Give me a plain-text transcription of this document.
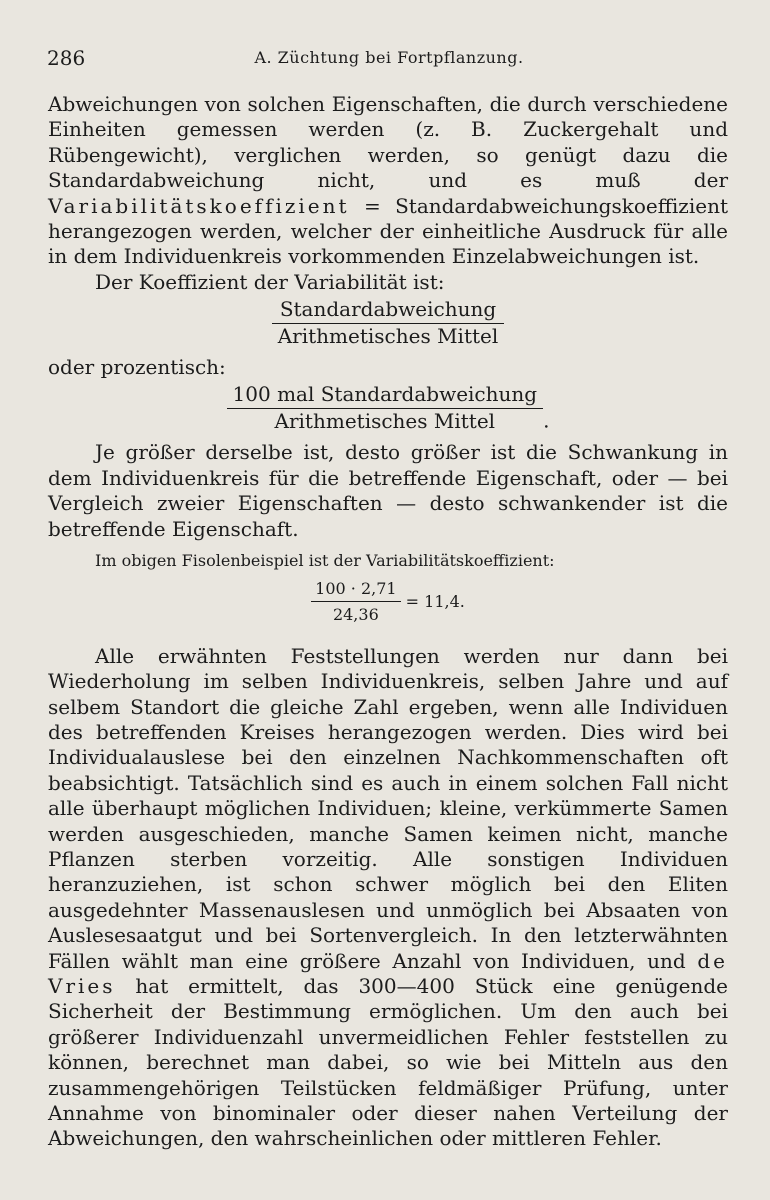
286	A. Züchtung bei Fortpflanzung.

Abweichungen von solchen Eigenschaften, die durch verschiedene Einheiten gemessen werden (z. B. Zuckergehalt und Rübengewicht), verglichen werden, so genügt dazu die Standardabweichung nicht, und es muß der Variabilitätskoeffizient = Standardabweichungskoeffizient herangezogen werden, welcher der einheitliche Ausdruck für alle in dem Individuenkreis vorkommenden Einzelabweichungen ist.

Der Koeffizient der Variabilität ist:

$\frac{\text{Standardabweichung}}{\text{Arithmetisches Mittel}}$

oder prozentisch:

$\frac{\text{100 mal Standardabweichung}}{\text{Arithmetisches Mittel}}$ .

Je größer derselbe ist, desto größer ist die Schwankung in dem Individuenkreis für die betreffende Eigenschaft, oder — bei Vergleich zweier Eigenschaften — desto schwankender ist die betreffende Eigenschaft.

Im obigen Fisolenbeispiel ist der Variabilitätskoeffizient:

$\frac{100 \cdot 2,71}{24,36} = 11,4$.

Alle erwähnten Feststellungen werden nur dann bei Wiederholung im selben Individuenkreis, selben Jahre und auf selbem Standort die gleiche Zahl ergeben, wenn alle Individuen des betreffenden Kreises herangezogen werden. Dies wird bei Individualauslese bei den einzelnen Nachkommenschaften oft beabsichtigt. Tatsächlich sind es auch in einem solchen Fall nicht alle überhaupt möglichen Individuen; kleine, verkümmerte Samen werden ausgeschieden, manche Samen keimen nicht, manche Pflanzen sterben vorzeitig. Alle sonstigen Individuen heranzuziehen, ist schon schwer möglich bei den Eliten ausgedehnter Massenauslesen und unmöglich bei Absaaten von Auslesesaatgut und bei Sortenvergleich. In den letzterwähnten Fällen wählt man eine größere Anzahl von Individuen, und de Vries hat ermittelt, das 300—400 Stück eine genügende Sicherheit der Bestimmung ermöglichen. Um den auch bei größerer Individuenzahl unvermeidlichen Fehler feststellen zu können, berechnet man dabei, so wie bei Mitteln aus den zusammengehörigen Teilstücken feldmäßiger Prüfung, unter Annahme von binominaler oder dieser nahen Verteilung der Abweichungen, den wahrscheinlichen oder mittleren Fehler.
